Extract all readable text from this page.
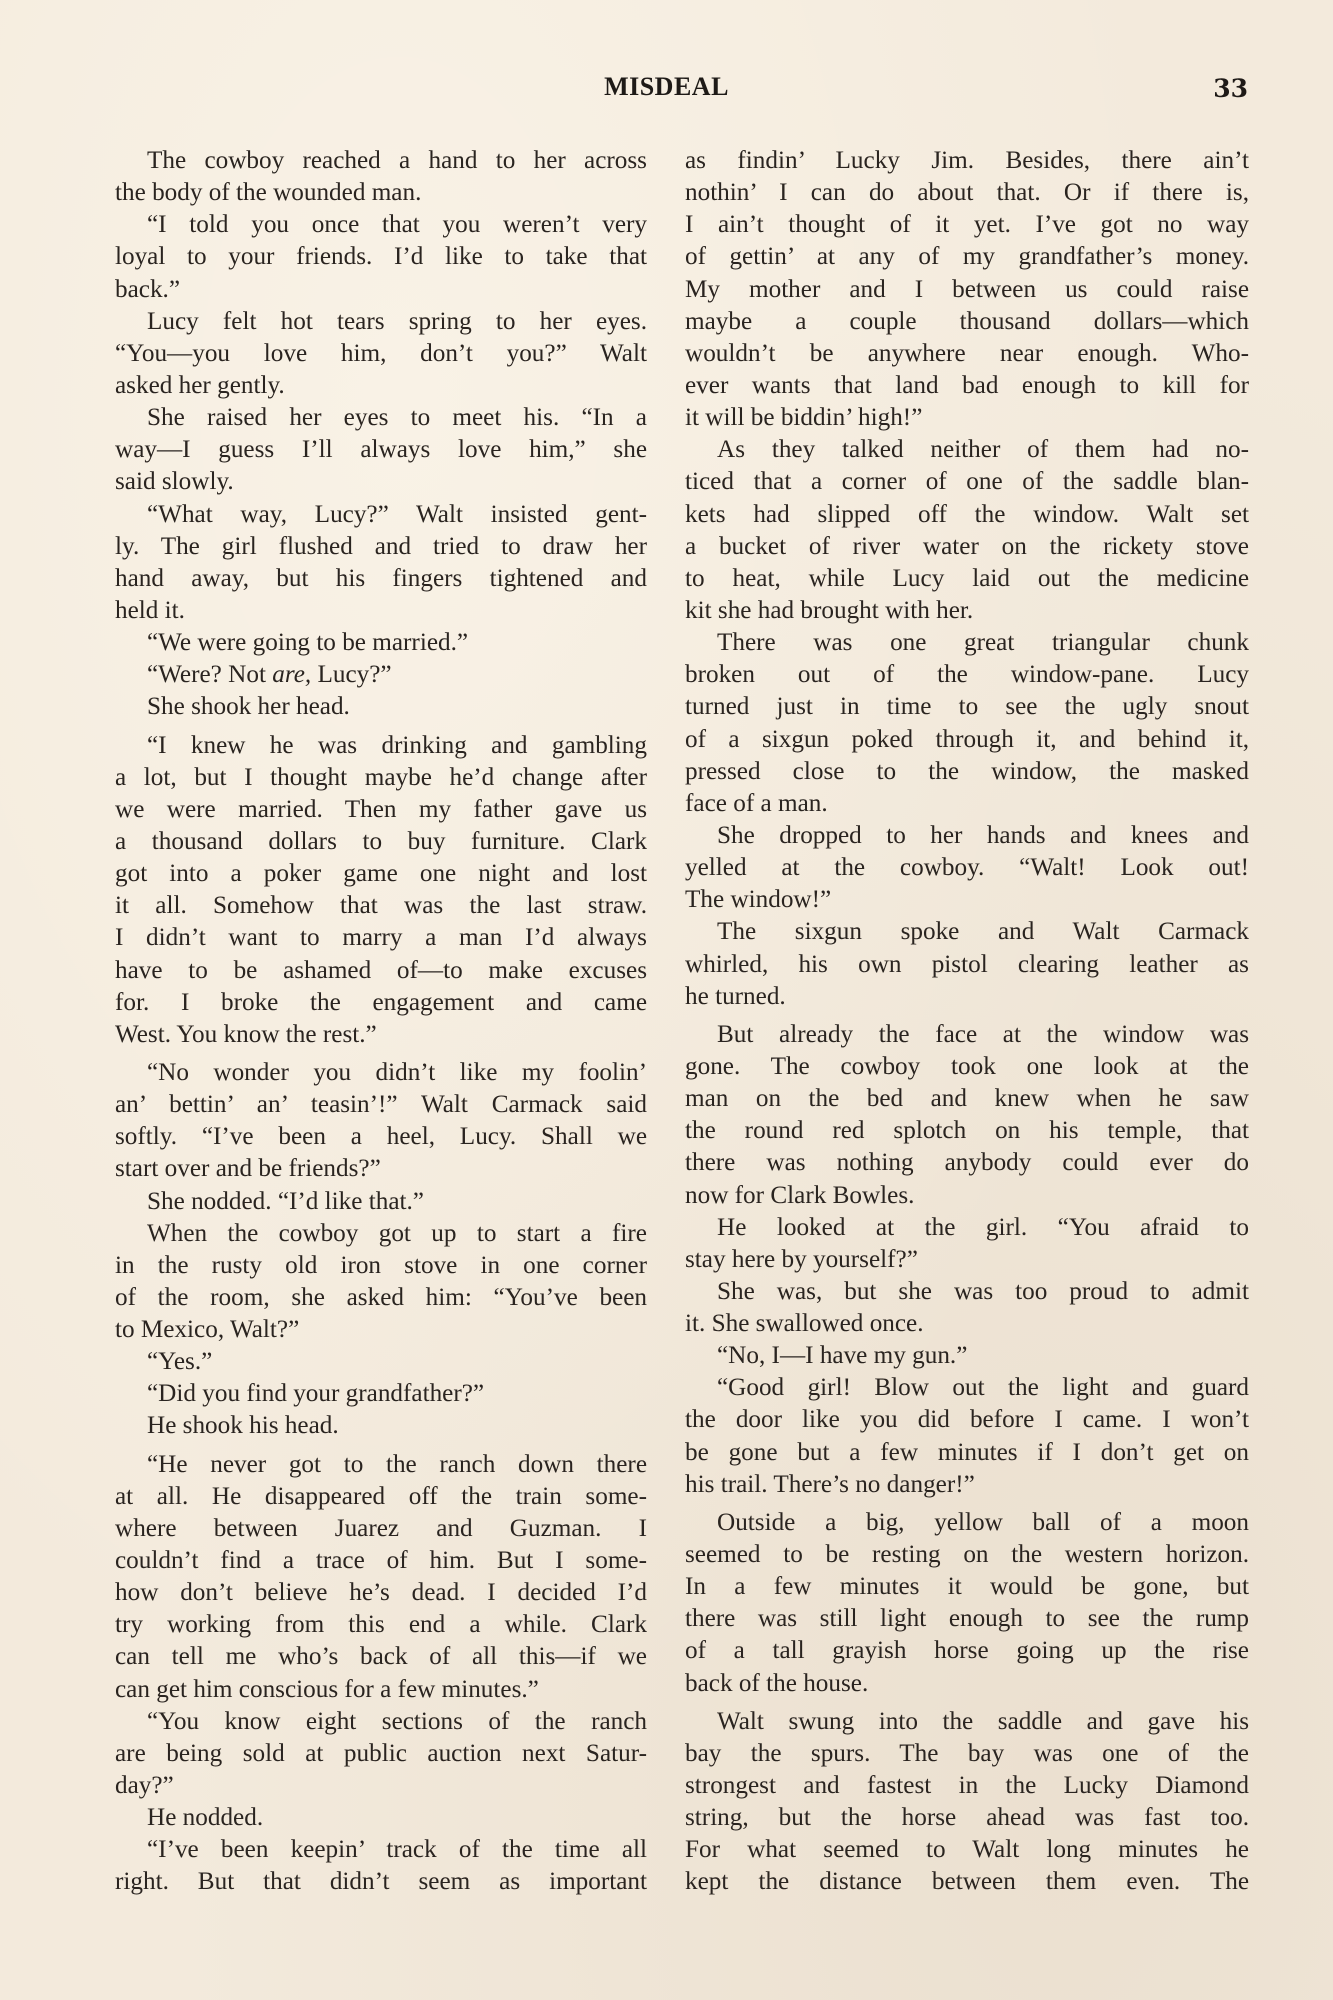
MISDEAL	33
The cowboy reached a hand to her across
the body of the wounded man.
“I told you once that you weren’t very
loyal to your friends. I’d like to take that
back.”
Lucy felt hot tears spring to her eyes.
“You—you love him, don’t you?” Walt
asked her gently.
She raised her eyes to meet his. “In a
way—I guess I’ll always love him,” she
said slowly.
“What way, Lucy?” Walt insisted gent-
ly. The girl flushed and tried to draw her
hand away, but his fingers tightened and
held it.
“We were going to be married.”
“Were? Not are, Lucy?”
She shook her head.
“I knew he was drinking and gambling
a lot, but I thought maybe he’d change after
we were married. Then my father gave us
a thousand dollars to buy furniture. Clark
got into a poker game one night and lost
it all. Somehow that was the last straw.
I didn’t want to marry a man I’d always
have to be ashamed of—to make excuses
for. I broke the engagement and came
West. You know the rest.”
“No wonder you didn’t like my foolin’
an’ bettin’ an’ teasin’!” Walt Carmack said
softly. “I’ve been a heel, Lucy. Shall we
start over and be friends?”
She nodded. “I’d like that.”
When the cowboy got up to start a fire
in the rusty old iron stove in one corner
of the room, she asked him: “You’ve been
to Mexico, Walt?”
“Yes.”
“Did you find your grandfather?”
He shook his head.
“He never got to the ranch down there
at all. He disappeared off the train some-
where between Juarez and Guzman. I
couldn’t find a trace of him. But I some-
how don’t believe he’s dead. I decided I’d
try working from this end a while. Clark
can tell me who’s back of all this—if we
can get him conscious for a few minutes.”
“You know eight sections of the ranch
are being sold at public auction next Satur-
day?”
He nodded.
“I’ve been keepin’ track of the time all
right. But that didn’t seem as important
as findin’ Lucky Jim. Besides, there ain’t
nothin’ I can do about that. Or if there is,
I ain’t thought of it yet. I’ve got no way
of gettin’ at any of my grandfather’s money.
My mother and I between us could raise
maybe a couple thousand dollars—which
wouldn’t be anywhere near enough. Who-
ever wants that land bad enough to kill for
it will be biddin’ high!”
As they talked neither of them had no-
ticed that a corner of one of the saddle blan-
kets had slipped off the window. Walt set
a bucket of river water on the rickety stove
to heat, while Lucy laid out the medicine
kit she had brought with her.
There was one great triangular chunk
broken out of the window-pane. Lucy
turned just in time to see the ugly snout
of a sixgun poked through it, and behind it,
pressed close to the window, the masked
face of a man.
She dropped to her hands and knees and
yelled at the cowboy. “Walt! Look out!
The window!”
The sixgun spoke and Walt Carmack
whirled, his own pistol clearing leather as
he turned.
But already the face at the window was
gone. The cowboy took one look at the
man on the bed and knew when he saw
the round red splotch on his temple, that
there was nothing anybody could ever do
now for Clark Bowles.
He looked at the girl. “You afraid to
stay here by yourself?”
She was, but she was too proud to admit
it. She swallowed once.
“No, I—I have my gun.”
“Good girl! Blow out the light and guard
the door like you did before I came. I won’t
be gone but a few minutes if I don’t get on
his trail. There’s no danger!”
Outside a big, yellow ball of a moon
seemed to be resting on the western horizon.
In a few minutes it would be gone, but
there was still light enough to see the rump
of a tall grayish horse going up the rise
back of the house.
Walt swung into the saddle and gave his
bay the spurs. The bay was one of the
strongest and fastest in the Lucky Diamond
string, but the horse ahead was fast too.
For what seemed to Walt long minutes he
kept the distance between them even. The
